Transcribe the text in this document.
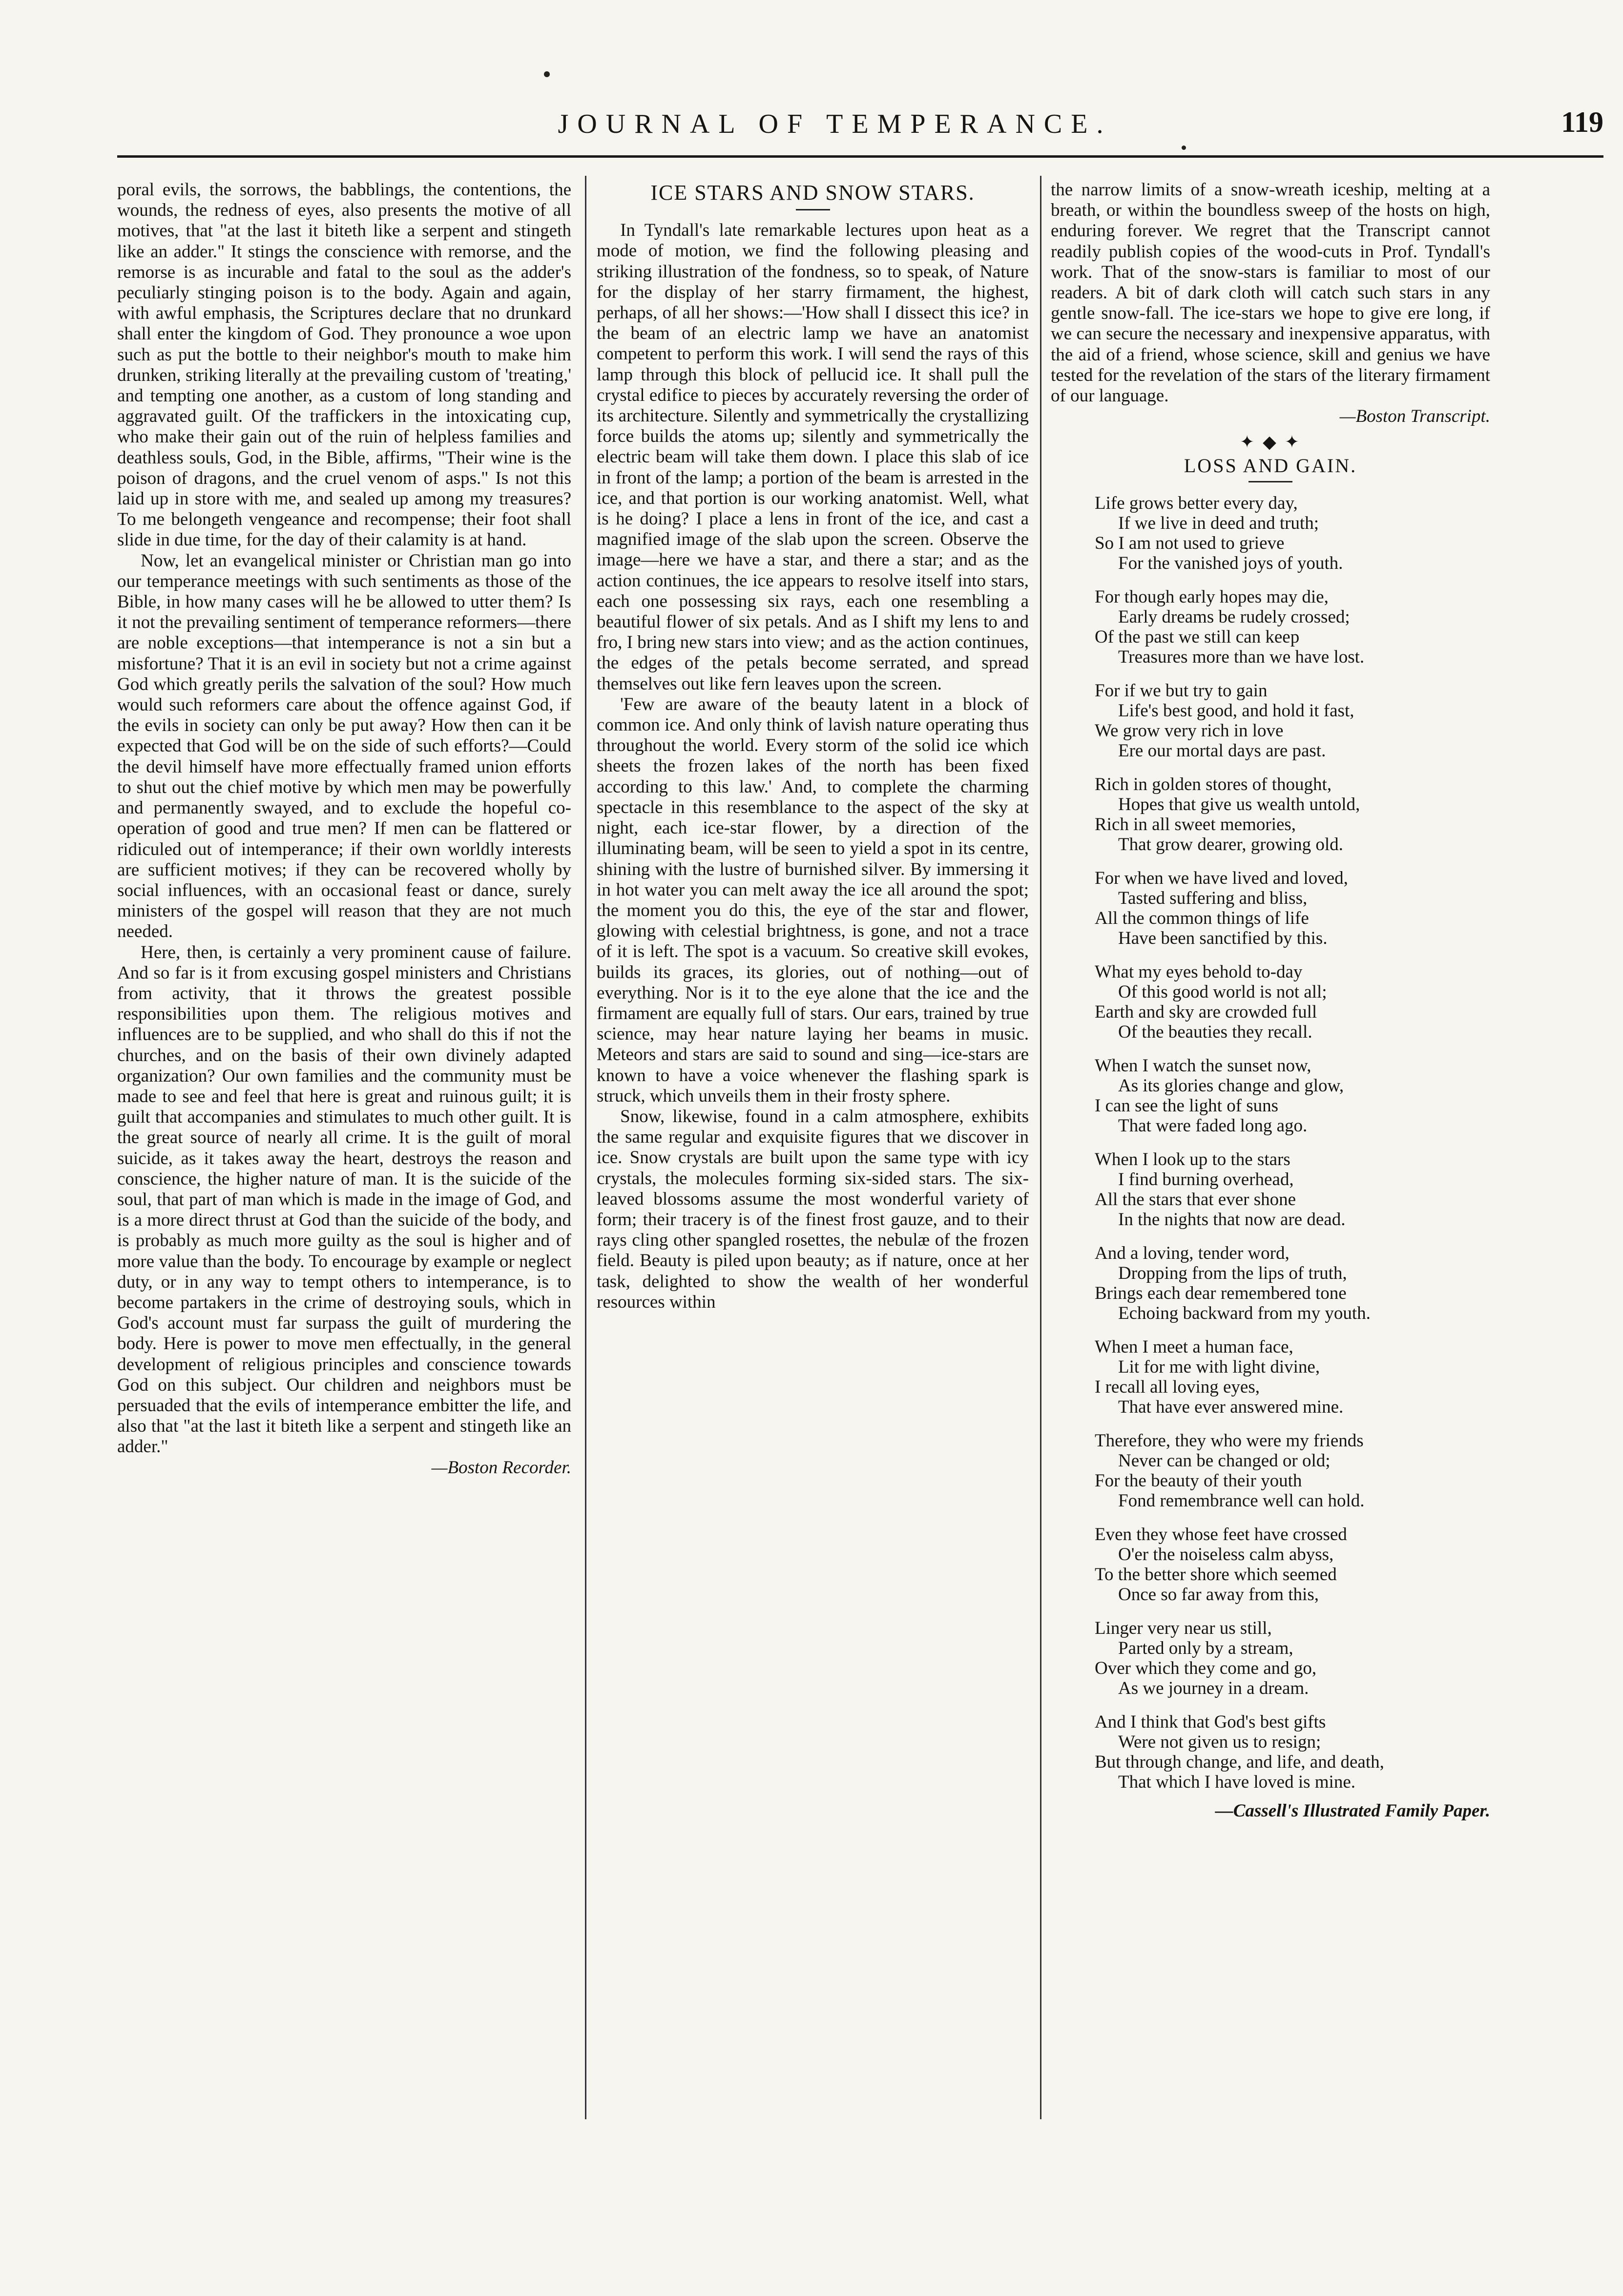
JOURNAL OF TEMPERANCE.	119

poral evils, the sorrows, the babblings, the contentions, the wounds, the redness of eyes, also presents the motive of all motives, that "at the last it biteth like a serpent and stingeth like an adder." It stings the conscience with remorse, and the remorse is as incurable and fatal to the soul as the adder's peculiarly stinging poison is to the body. Again and again, with awful emphasis, the Scriptures declare that no drunkard shall enter the kingdom of God. They pronounce a woe upon such as put the bottle to their neighbor's mouth to make him drunken, striking literally at the prevailing custom of 'treating,' and tempting one another, as a custom of long standing and aggravated guilt. Of the traffickers in the intoxicating cup, who make their gain out of the ruin of helpless families and deathless souls, God, in the Bible, affirms, "Their wine is the poison of dragons, and the cruel venom of asps." Is not this laid up in store with me, and sealed up among my treasures? To me belongeth vengeance and recompense; their foot shall slide in due time, for the day of their calamity is at hand.

Now, let an evangelical minister or Christian man go into our temperance meetings with such sentiments as those of the Bible, in how many cases will he be allowed to utter them? Is it not the prevailing sentiment of temperance reformers—there are noble exceptions—that intemperance is not a sin but a misfortune? That it is an evil in society but not a crime against God which greatly perils the salvation of the soul? How much would such reformers care about the offence against God, if the evils in society can only be put away? How then can it be expected that God will be on the side of such efforts?—Could the devil himself have more effectually framed union efforts to shut out the chief motive by which men may be powerfully and permanently swayed, and to exclude the hopeful co-operation of good and true men? If men can be flattered or ridiculed out of intemperance; if their own worldly interests are sufficient motives; if they can be recovered wholly by social influences, with an occasional feast or dance, surely ministers of the gospel will reason that they are not much needed.

Here, then, is certainly a very prominent cause of failure. And so far is it from excusing gospel ministers and Christians from activity, that it throws the greatest possible responsibilities upon them. The religious motives and influences are to be supplied, and who shall do this if not the churches, and on the basis of their own divinely adapted organization? Our own families and the community must be made to see and feel that here is great and ruinous guilt; it is guilt that accompanies and stimulates to much other guilt. It is the great source of nearly all crime. It is the guilt of moral suicide, as it takes away the heart, destroys the reason and conscience, the higher nature of man. It is the suicide of the soul, that part of man which is made in the image of God, and is a more direct thrust at God than the suicide of the body, and is probably as much more guilty as the soul is higher and of more value than the body. To encourage by example or neglect duty, or in any way to tempt others to intemperance, is to become partakers in the crime of destroying souls, which in God's account must far surpass the guilt of murdering the body. Here is power to move men effectually, in the general development of religious principles and conscience towards God on this subject. Our children and neighbors must be persuaded that the evils of intemperance embitter the life, and also that "at the last it biteth like a serpent and stingeth like an adder."

—Boston Recorder.
ICE STARS AND SNOW STARS.

In Tyndall's late remarkable lectures upon heat as a mode of motion, we find the following pleasing and striking illustration of the fondness, so to speak, of Nature for the display of her starry firmament, the highest, perhaps, of all her shows:—'How shall I dissect this ice? in the beam of an electric lamp we have an anatomist competent to perform this work. I will send the rays of this lamp through this block of pellucid ice. It shall pull the crystal edifice to pieces by accurately reversing the order of its architecture. Silently and symmetrically the crystallizing force builds the atoms up; silently and symmetrically the electric beam will take them down. I place this slab of ice in front of the lamp; a portion of the beam is arrested in the ice, and that portion is our working anatomist. Well, what is he doing? I place a lens in front of the ice, and cast a magnified image of the slab upon the screen. Observe the image—here we have a star, and there a star; and as the action continues, the ice appears to resolve itself into stars, each one possessing six rays, each one resembling a beautiful flower of six petals. And as I shift my lens to and fro, I bring new stars into view; and as the action continues, the edges of the petals become serrated, and spread themselves out like fern leaves upon the screen.

'Few are aware of the beauty latent in a block of common ice. And only think of lavish nature operating thus throughout the world. Every storm of the solid ice which sheets the frozen lakes of the north has been fixed according to this law.' And, to complete the charming spectacle in this resemblance to the aspect of the sky at night, each ice-star flower, by a direction of the illuminating beam, will be seen to yield a spot in its centre, shining with the lustre of burnished silver. By immersing it in hot water you can melt away the ice all around the spot; the moment you do this, the eye of the star and flower, glowing with celestial brightness, is gone, and not a trace of it is left. The spot is a vacuum. So creative skill evokes, builds its graces, its glories, out of nothing—out of everything. Nor is it to the eye alone that the ice and the firmament are equally full of stars. Our ears, trained by true science, may hear nature laying her beams in music. Meteors and stars are said to sound and sing—ice-stars are known to have a voice whenever the flashing spark is struck, which unveils them in their frosty sphere.

Snow, likewise, found in a calm atmosphere, exhibits the same regular and exquisite figures that we discover in ice. Snow crystals are built upon the same type with icy crystals, the molecules forming six-sided stars. The six-leaved blossoms assume the most wonderful variety of form; their tracery is of the finest frost gauze, and to their rays cling other spangled rosettes, the nebulæ of the frozen field. Beauty is piled upon beauty; as if nature, once at her task, delighted to show the wealth of her wonderful resources within

the narrow limits of a snow-wreath iceship, melting at a breath, or within the boundless sweep of the hosts on high, enduring forever. We regret that the Transcript cannot readily publish copies of the wood-cuts in Prof. Tyndall's work. That of the snow-stars is familiar to most of our readers. A bit of dark cloth will catch such stars in any gentle snow-fall. The ice-stars we hope to give ere long, if we can secure the necessary and inexpensive apparatus, with the aid of a friend, whose science, skill and genius we have tested for the revelation of the stars of the literary firmament of our language.

—Boston Transcript.
✦ ◆ ✦
LOSS AND GAIN.
Life grows better every day,
If we live in deed and truth;
So I am not used to grieve
For the vanished joys of youth.
For though early hopes may die,
Early dreams be rudely crossed;
Of the past we still can keep
Treasures more than we have lost.
For if we but try to gain
Life's best good, and hold it fast,
We grow very rich in love
Ere our mortal days are past.
Rich in golden stores of thought,
Hopes that give us wealth untold,
Rich in all sweet memories,
That grow dearer, growing old.
For when we have lived and loved,
Tasted suffering and bliss,
All the common things of life
Have been sanctified by this.
What my eyes behold to-day
Of this good world is not all;
Earth and sky are crowded full
Of the beauties they recall.
When I watch the sunset now,
As its glories change and glow,
I can see the light of suns
That were faded long ago.
When I look up to the stars
I find burning overhead,
All the stars that ever shone
In the nights that now are dead.
And a loving, tender word,
Dropping from the lips of truth,
Brings each dear remembered tone
Echoing backward from my youth.
When I meet a human face,
Lit for me with light divine,
I recall all loving eyes,
That have ever answered mine.
Therefore, they who were my friends
Never can be changed or old;
For the beauty of their youth
Fond remembrance well can hold.
Even they whose feet have crossed
O'er the noiseless calm abyss,
To the better shore which seemed
Once so far away from this,
Linger very near us still,
Parted only by a stream,
Over which they come and go,
As we journey in a dream.
And I think that God's best gifts
Were not given us to resign;
But through change, and life, and death,
That which I have loved is mine.
—Cassell's Illustrated Family Paper.
